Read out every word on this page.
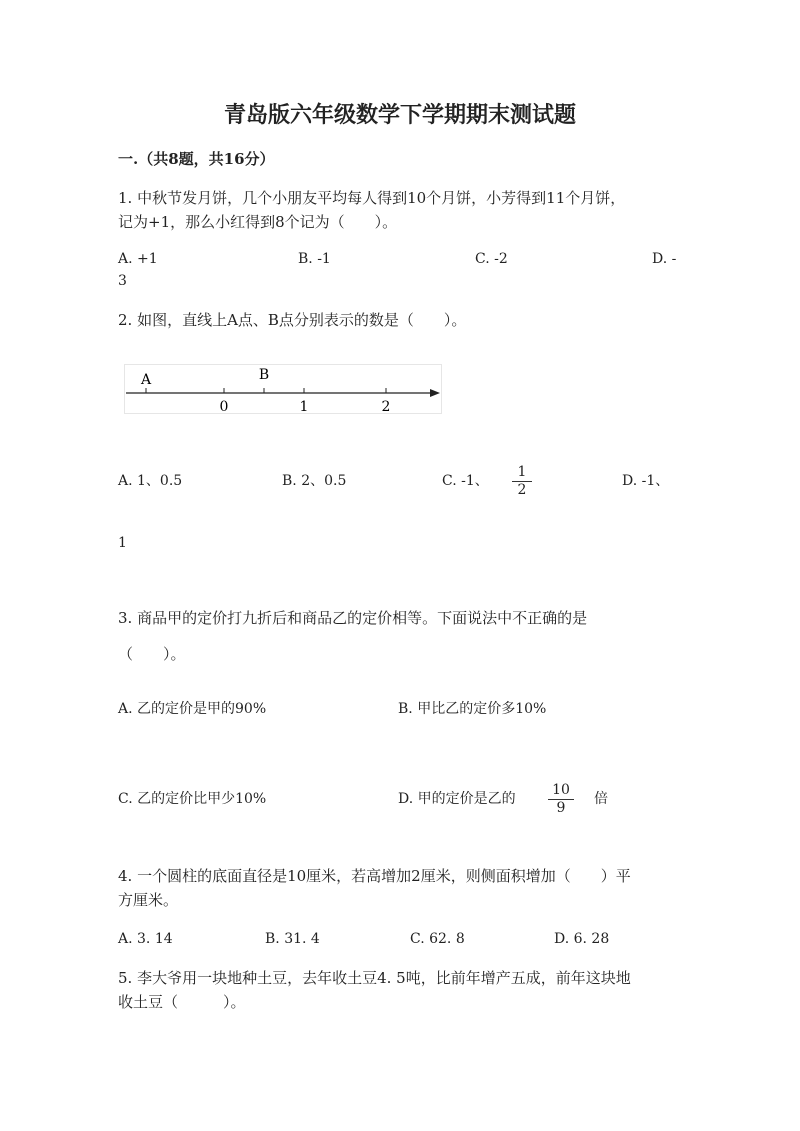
青岛版六年级数学下学期期末测试题
一.（共8题，共16分）
1. 中秋节发月饼，几个小朋友平均每人得到10个月饼，小芳得到11个月饼，
记为+1，那么小红得到8个记为（　　）。
A. +1	B. -1	C. -2	D. -
3
2. 如图，直线上A点、B点分别表示的数是（　　）。
A	B
0	1	2
A. 1、0.5	B. 2、0.5	C. -1、
1
2
D. -1、
1
3. 商品甲的定价打九折后和商品乙的定价相等。下面说法中不正确的是
（　　）。
A. 乙的定价是甲的90%	B. 甲比乙的定价多10%
C. 乙的定价比甲少10%	D. 甲的定价是乙的
10
9
倍
4. 一个圆柱的底面直径是10厘米，若高增加2厘米，则侧面积增加（　　）平
方厘米。
A. 3. 14	B. 31. 4	C. 62. 8	D. 6. 28
5. 李大爷用一块地种土豆，去年收土豆4. 5吨，比前年增产五成，前年这块地
收土豆（　　　）。
